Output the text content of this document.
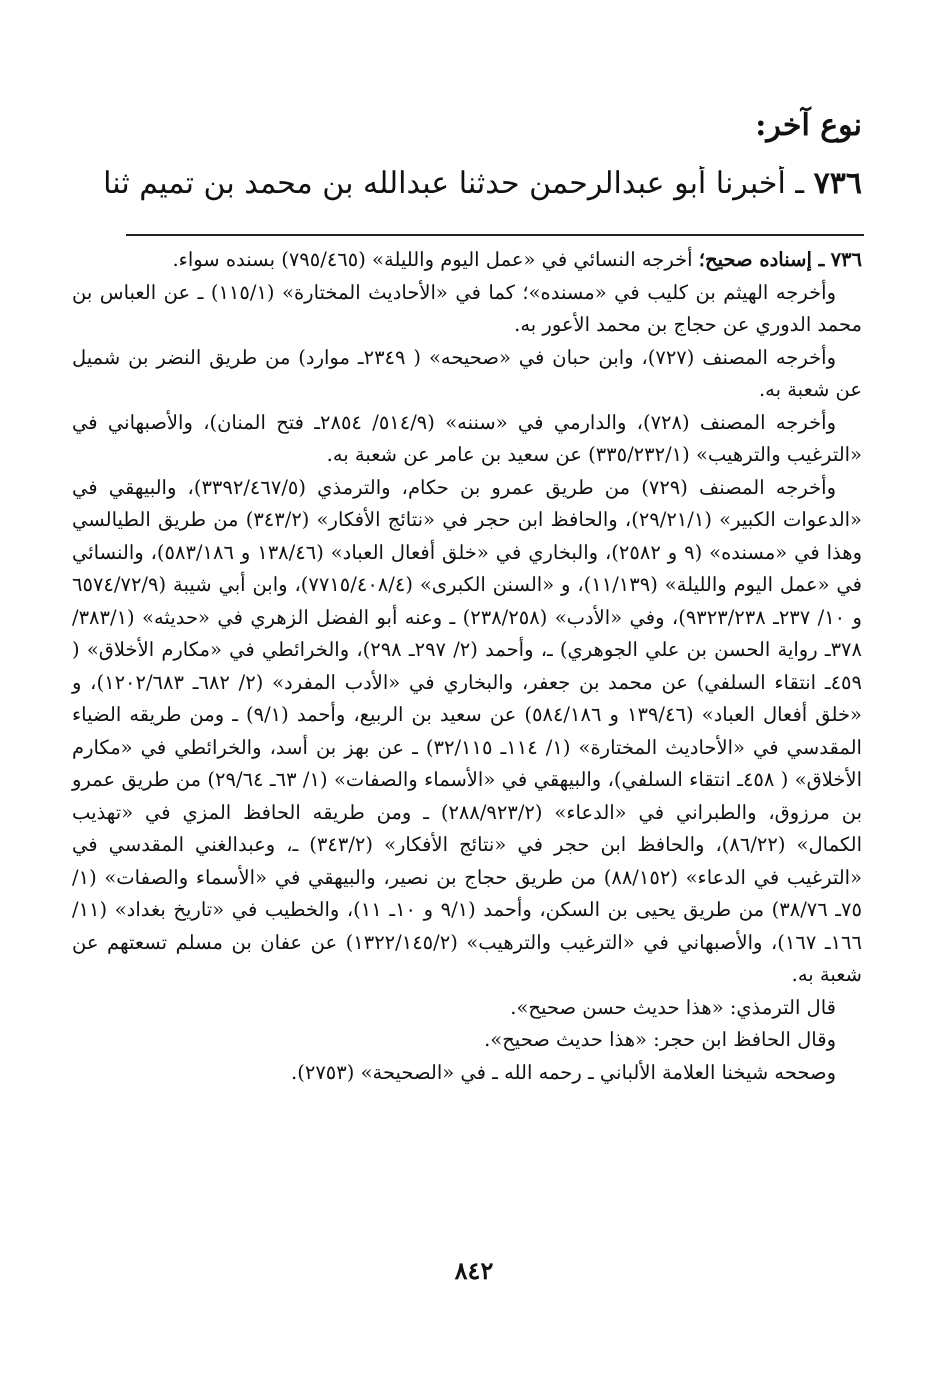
نوع آخر:
٧٣٦ ـ أخبرنا أبو عبدالرحمن حدثنا عبدالله بن محمد بن تميم ثنا

٧٣٦ ـ إسناده صحيح؛ أخرجه النسائي في «عمل اليوم والليلة» (٧٩٥/٤٦٥) بسنده سواء.

وأخرجه الهيثم بن كليب في «مسنده»؛ كما في «الأحاديث المختارة» (١١٥/١) ـ عن العباس بن محمد الدوري عن حجاج بن محمد الأعور به.

وأخرجه المصنف (٧٢٧)، وابن حبان في «صحيحه» ( ٢٣٤٩ـ موارد) من طريق النضر بن شميل عن شعبة به.

وأخرجه المصنف (٧٢٨)، والدارمي في «سننه» (٥١٤/٩/ ٢٨٥٤ـ فتح المنان)، والأصبهاني في «الترغيب والترهيب» (٣٣٥/٢٣٢/١) عن سعيد بن عامر عن شعبة به.

وأخرجه المصنف (٧٢٩) من طريق عمرو بن حكام، والترمذي (٣٣٩٢/٤٦٧/٥)، والبيهقي في «الدعوات الكبير» (٢٩/٢١/١)، والحافظ ابن حجر في «نتائج الأفكار» (٣٤٣/٢) من طريق الطيالسي وهذا في «مسنده» (٩ و ٢٥٨٢)، والبخاري في «خلق أفعال العباد» (١٣٨/٤٦ و ٥٨٣/١٨٦)، والنسائي في «عمل اليوم والليلة» (١١/١٣٩)، و «السنن الكبرى» (٧٧١٥/٤٠٨/٤)، وابن أبي شيبة (٦٥٧٤/٧٢/٩ و ١٠/ ٢٣٧ـ ٩٣٢٣/٢٣٨)، وفي «الأدب» (٢٣٨/٢٥٨) ـ وعنه أبو الفضل الزهري في «حديثه» (٣٨٣/١/ ٣٧٨ـ رواية الحسن بن علي الجوهري) ـ، وأحمد (٢/ ٢٩٧ـ ٢٩٨)، والخرائطي في «مكارم الأخلاق» ( ٤٥٩ـ انتقاء السلفي) عن محمد بن جعفر، والبخاري في «الأدب المفرد» (٢/ ٦٨٢ـ ١٢٠٢/٦٨٣)، و «خلق أفعال العباد» (١٣٩/٤٦ و ٥٨٤/١٨٦) عن سعيد بن الربيع، وأحمد (٩/١) ـ ومن طريقه الضياء المقدسي في «الأحاديث المختارة» (١/ ١١٤ـ ٣٢/١١٥) ـ عن بهز بن أسد، والخرائطي في «مكارم الأخلاق» ( ٤٥٨ـ انتقاء السلفي)، والبيهقي في «الأسماء والصفات» (١/ ٦٣ـ ٢٩/٦٤) من طريق عمرو بن مرزوق، والطبراني في «الدعاء» (٢٨٨/٩٢٣/٢) ـ ومن طريقه الحافظ المزي في «تهذيب الكمال» (٨٦/٢٢)، والحافظ ابن حجر في «نتائج الأفكار» (٣٤٣/٢) ـ، وعبدالغني المقدسي في «الترغيب في الدعاء» (٨٨/١٥٢) من طريق حجاج بن نصير، والبيهقي في «الأسماء والصفات» (١/ ٧٥ـ ٣٨/٧٦) من طريق يحيى بن السكن، وأحمد (٩/١ و ١٠ـ ١١)، والخطيب في «تاريخ بغداد» (١١/ ١٦٦ـ ١٦٧)، والأصبهاني في «الترغيب والترهيب» (١٣٢٢/١٤٥/٢) عن عفان بن مسلم تسعتهم عن شعبة به.

قال الترمذي: «هذا حديث حسن صحيح».

وقال الحافظ ابن حجر: «هذا حديث صحيح».

وصححه شيخنا العلامة الألباني ـ رحمه الله ـ في «الصحيحة» (٢٧٥٣).

٨٤٢
